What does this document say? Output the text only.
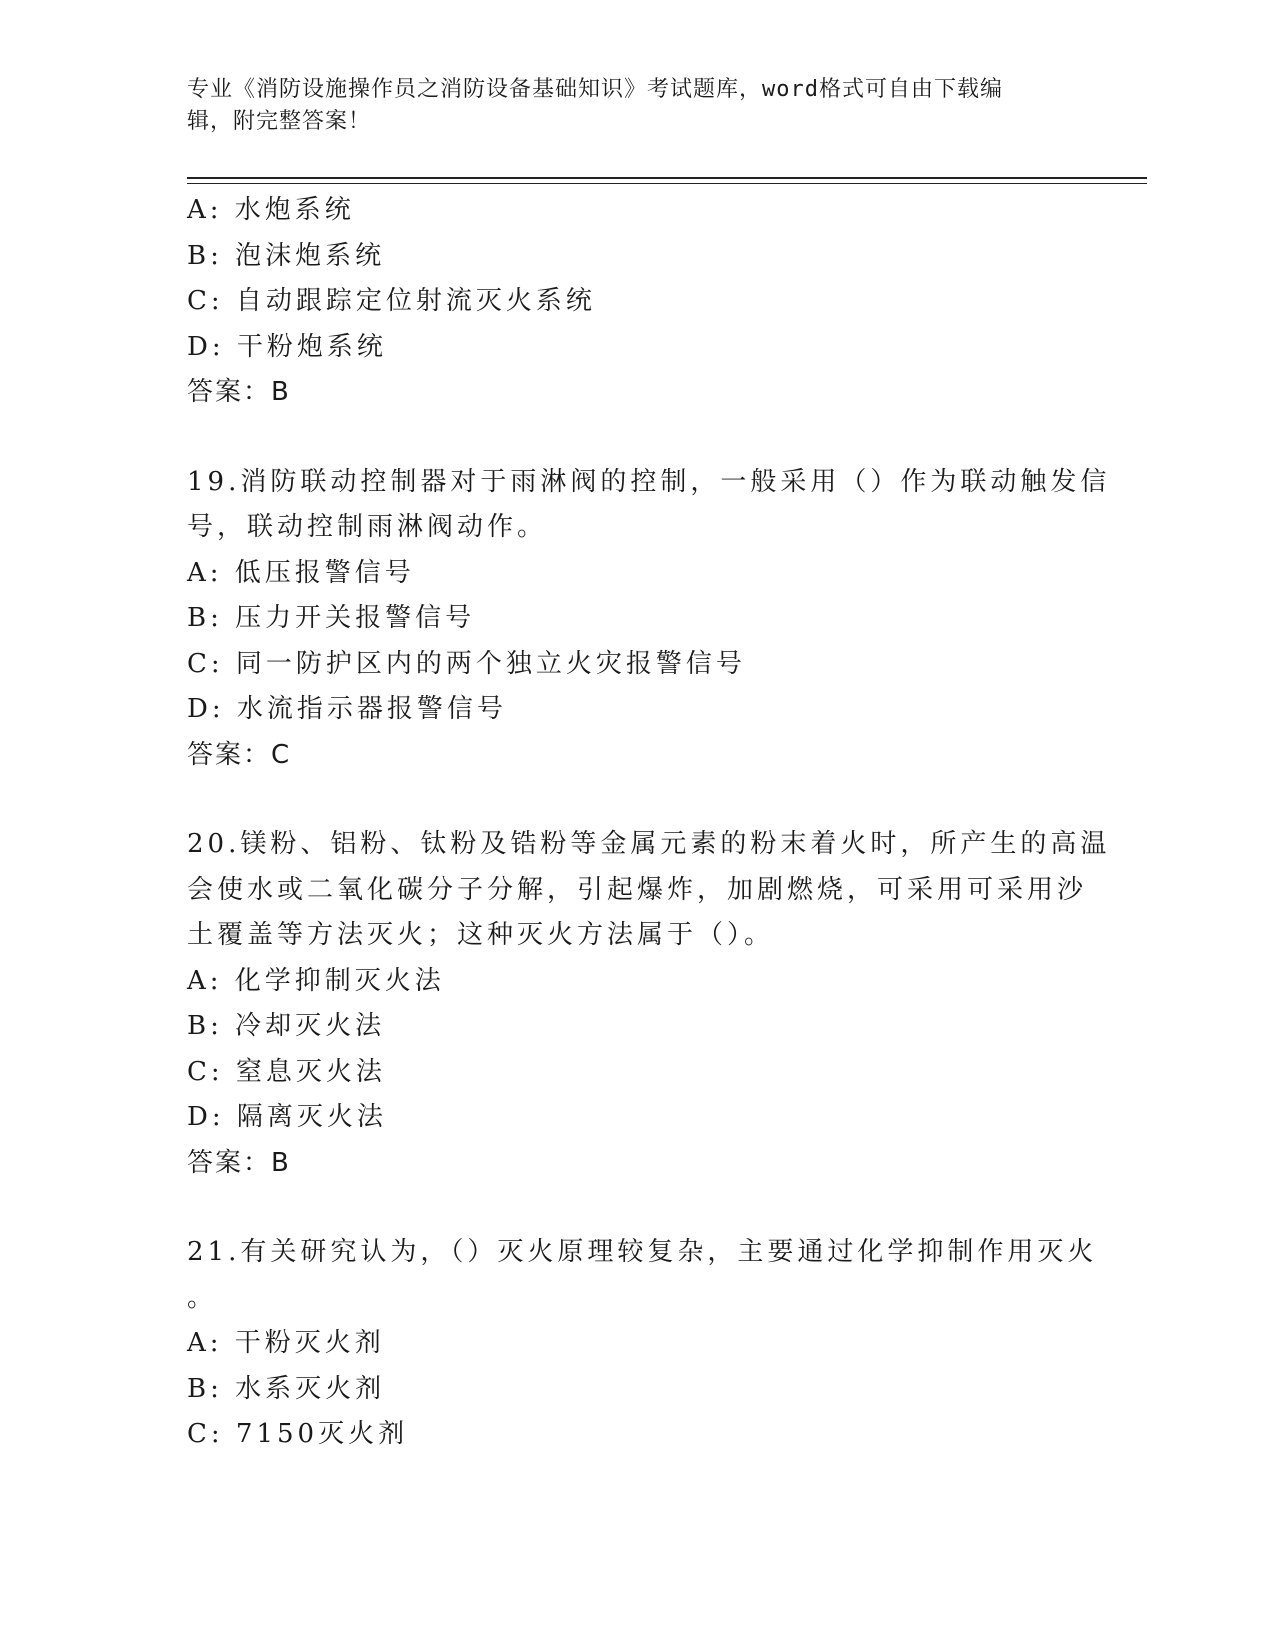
专业《消防设施操作员之消防设备基础知识》考试题库，word格式可自由下载编
辑，附完整答案！
A: 水炮系统
B: 泡沫炮系统
C: 自动跟踪定位射流灭火系统
D: 干粉炮系统
答案：B
19.消防联动控制器对于雨淋阀的控制，一般采用（）作为联动触发信
号，联动控制雨淋阀动作。
A: 低压报警信号
B: 压力开关报警信号
C: 同一防护区内的两个独立火灾报警信号
D: 水流指示器报警信号
答案：C
20.镁粉、铝粉、钛粉及锆粉等金属元素的粉末着火时，所产生的高温
会使水或二氧化碳分子分解，引起爆炸，加剧燃烧，可采用可采用沙
土覆盖等方法灭火；这种灭火方法属于（）。
A: 化学抑制灭火法
B: 冷却灭火法
C: 窒息灭火法
D: 隔离灭火法
答案：B
21.有关研究认为，（）灭火原理较复杂，主要通过化学抑制作用灭火
。
A: 干粉灭火剂
B: 水系灭火剂
C: 7150灭火剂
